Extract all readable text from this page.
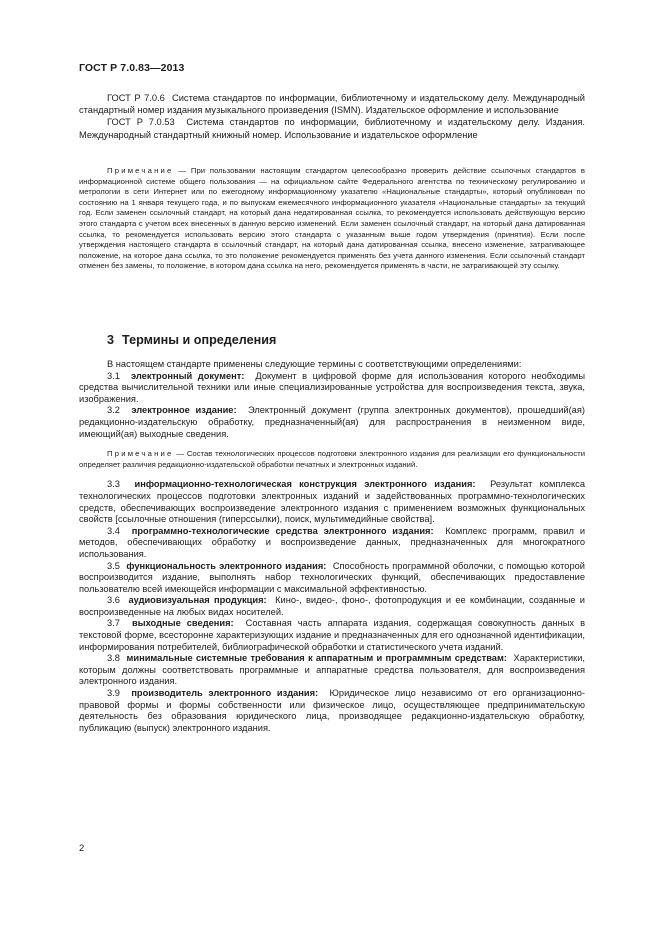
ГОСТ Р 7.0.83—2013

ГОСТ Р 7.0.6 Система стандартов по информации, библиотечному и издательскому делу. Международный стандартный номер издания музыкального произведения (ISMN). Издательское оформление и использование

ГОСТ Р 7.0.53 Система стандартов по информации, библиотечному и издательскому делу. Издания. Международный стандартный книжный номер. Использование и издательское оформление

Примечание — При пользовании настоящим стандартом целесообразно проверить действие ссылочных стандартов в информационной системе общего пользования — на официальном сайте Федерального агентства по техническому регулированию и метрологии в сети Интернет или по ежегодному информационному указателю «Национальные стандарты», который опубликован по состоянию на 1 января текущего года, и по выпускам ежемесячного информационного указателя «Национальные стандарты» за текущий год. Если заменен ссылочный стандарт, на который дана недатированная ссылка, то рекомендуется использовать действующую версию этого стандарта с учетом всех внесенных в данную версию изменений. Если заменен ссылочный стандарт, на который дана датированная ссылка, то рекомендуется использовать версию этого стандарта с указанным выше годом утверждения (принятия). Если после утверждения настоящего стандарта в ссылочный стандарт, на который дана датированная ссылка, внесено изменение, затрагивающее положение, на которое дана ссылка, то это положение рекомендуется применять без учета данного изменения. Если ссылочный стандарт отменен без замены, то положение, в котором дана ссылка на него, рекомендуется применять в части, не затрагивающей эту ссылку.

3 Термины и определения

В настоящем стандарте применены следующие термины с соответствующими определениями:

3.1 электронный документ: Документ в цифровой форме для использования которого необходимы средства вычислительной техники или иные специализированные устройства для воспроизведения текста, звука, изображения.

3.2 электронное издание: Электронный документ (группа электронных документов), прошедший(ая) редакционно-издательскую обработку, предназначенный(ая) для распространения в неизменном виде, имеющий(ая) выходные сведения.

Примечание — Состав технологических процессов подготовки электронного издания для реализации его функциональности определяет различия редакционно-издательской обработки печатных и электронных изданий.

3.3 информационно-технологическая конструкция электронного издания: Результат комплекса технологических процессов подготовки электронных изданий и задействованных программно-технологических средств, обеспечивающих воспроизведение электронного издания с применением возможных функциональных свойств [ссылочные отношения (гиперссылки), поиск, мультимедийные свойства].

3.4 программно-технологические средства электронного издания: Комплекс программ, правил и методов, обеспечивающих обработку и воспроизведение данных, предназначенных для многократного использования.

3.5 функциональность электронного издания: Способность программной оболочки, с помощью которой воспроизводится издание, выполнять набор технологических функций, обеспечивающих предоставление пользователю всей имеющейся информации с максимальной эффективностью.

3.6 аудиовизуальная продукция: Кино-, видео-, фоно-, фотопродукция и ее комбинации, созданные и воспроизведенные на любых видах носителей.

3.7 выходные сведения: Составная часть аппарата издания, содержащая совокупность данных в текстовой форме, всесторонне характеризующих издание и предназначенных для его однозначной идентификации, информирования потребителей, библиографической обработки и статистического учета изданий.

3.8 минимальные системные требования к аппаратным и программным средствам: Характеристики, которым должны соответствовать программные и аппаратные средства пользователя, для воспроизведения электронного издания.

3.9 производитель электронного издания: Юридическое лицо независимо от его организационно-правовой формы и формы собственности или физическое лицо, осуществляющее предпринимательскую деятельность без образования юридического лица, производящее редакционно-издательскую обработку, публикацию (выпуск) электронного издания.

2
